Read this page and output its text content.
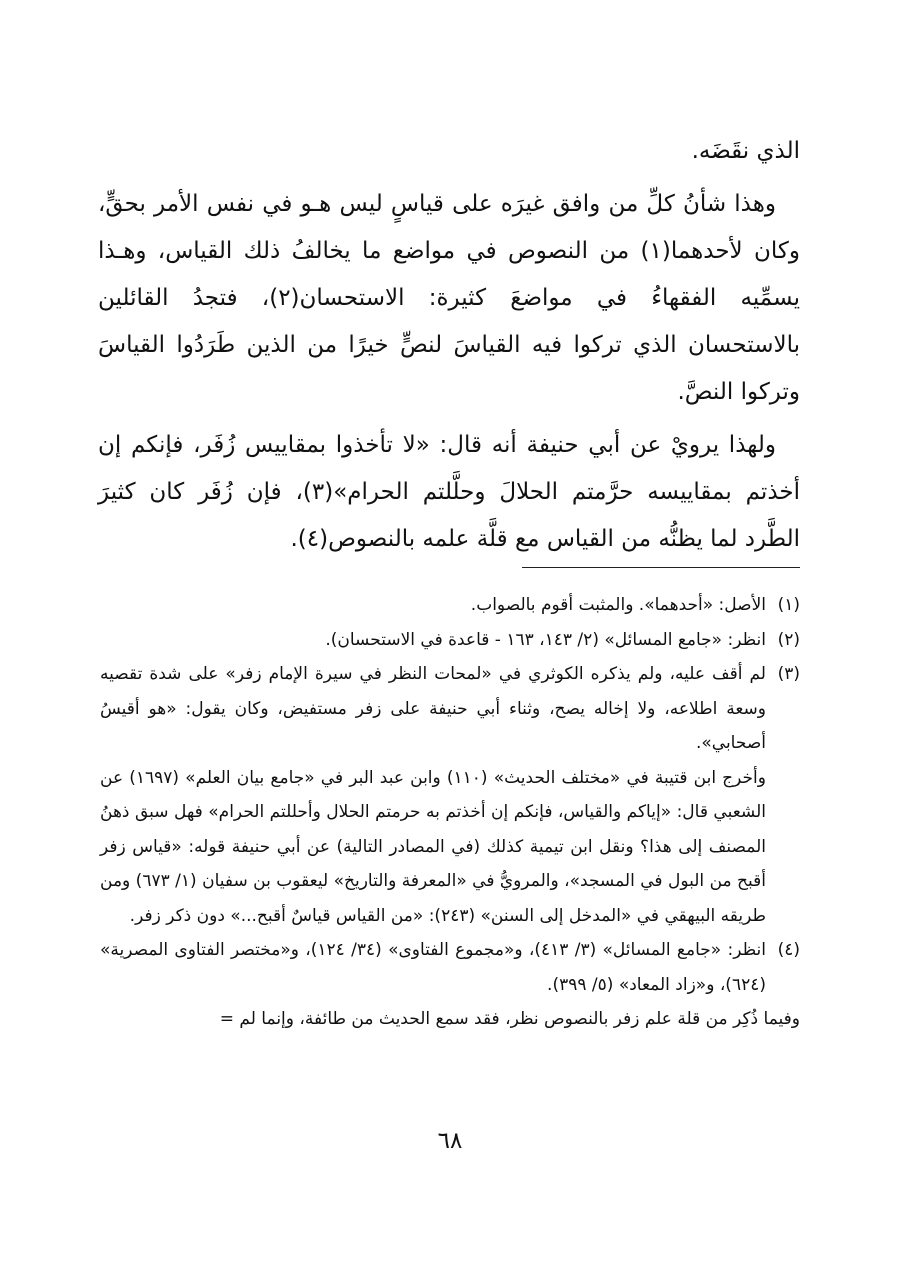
الذي نقَضَه.

وهذا شأنُ كلِّ من وافق غيرَه على قياسٍ ليس هـو في نفس الأمر بحقٍّ، وكان لأحدهما(١) من النصوص في مواضع ما يخالفُ ذلك القياس، وهـذا يسمِّيه الفقهاءُ في مواضعَ كثيرة: الاستحسان(٢)، فتجدُ القائلين بالاستحسان الذي تركوا فيه القياسَ لنصٍّ خيرًا من الذين طَرَدُوا القياسَ وتركوا النصَّ.

ولهذا يرويْ عن أبي حنيفة أنه قال: «لا تأخذوا بمقاييس زُفَر، فإنكم إن أخذتم بمقاييسه حرَّمتم الحلالَ وحلَّلتم الحرام»(٣)، فإن زُفَر كان كثيرَ الطَّرد لما يظنُّه من القياس مع قلَّة علمه بالنصوص(٤).

(١)

الأصل: «أحدهما». والمثبت أقوم بالصواب.

(٢)

انظر: «جامع المسائل» (٢/ ١٤٣، ١٦٣ - قاعدة في الاستحسان).

(٣)

لم أقف عليه، ولم يذكره الكوثري في «لمحات النظر في سيرة الإمام زفر» على شدة تقصيه وسعة اطلاعه، ولا إخاله يصح، وثناء أبي حنيفة على زفر مستفيض، وكان يقول: «هو أقيسُ أصحابي».

وأخرج ابن قتيبة في «مختلف الحديث» (١١٠) وابن عبد البر في «جامع بيان العلم» (١٦٩٧) عن الشعبي قال: «إياكم والقياس، فإنكم إن أخذتم به حرمتم الحلال وأحللتم الحرام» فهل سبق ذهنُ المصنف إلى هذا؟ ونقل ابن تيمية كذلك (في المصادر التالية) عن أبي حنيفة قوله: «قياس زفر أقبح من البول في المسجد»، والمرويُّ في «المعرفة والتاريخ» ليعقوب بن سفيان (١/ ٦٧٣) ومن طريقه البيهقي في «المدخل إلى السنن» (٢٤٣): «من القياس قياسٌ أقبح...» دون ذكر زفر.

(٤)

انظر: «جامع المسائل» (٣/ ٤١٣)، و«مجموع الفتاوى» (٣٤/ ١٢٤)، و«مختصر الفتاوى المصرية» (٦٢٤)، و«زاد المعاد» (٥/ ٣٩٩).

وفيما ذُكِر من قلة علم زفر بالنصوص نظر، فقد سمع الحديث من طائفة، وإنما لم =

٦٨
